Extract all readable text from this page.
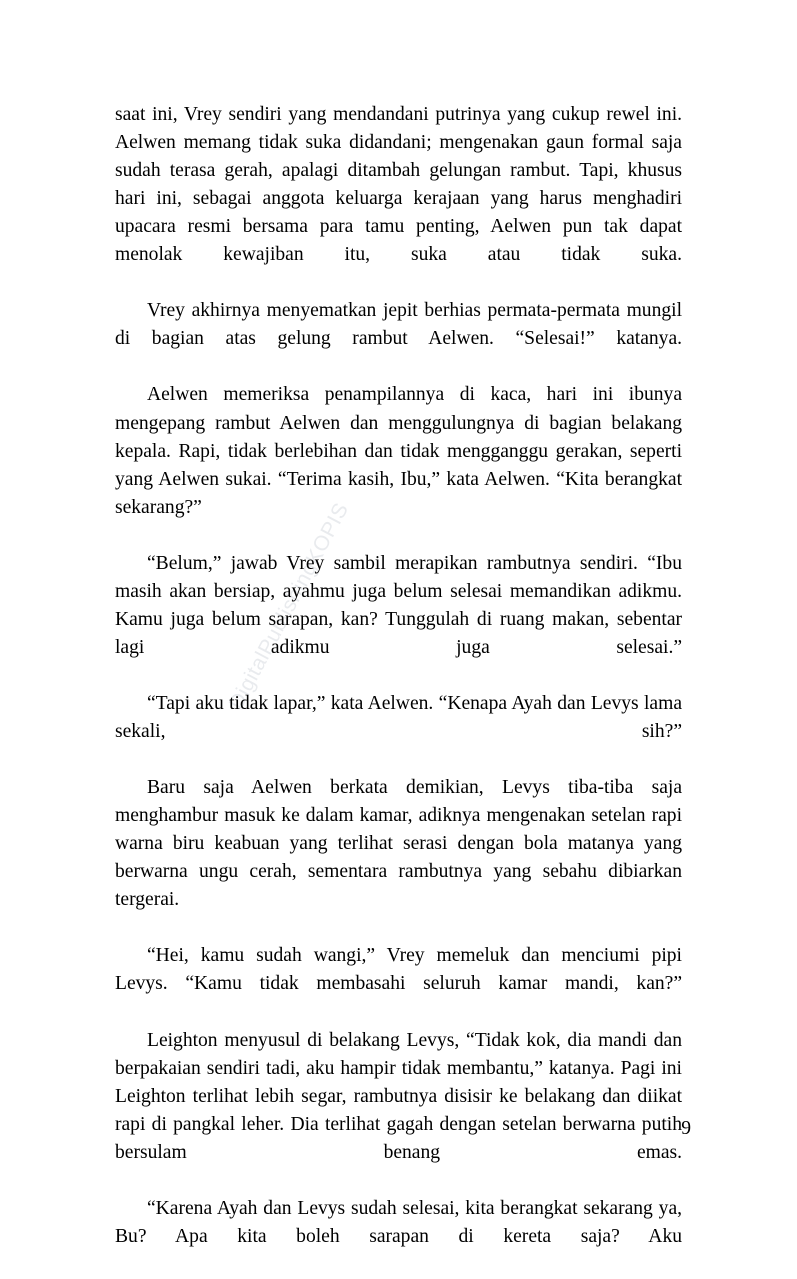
DigitalPublishingKOPIS

saat ini, Vrey sendiri yang mendandani putrinya yang cukup rewel ini. Aelwen memang tidak suka didandani; mengenakan gaun formal saja sudah terasa gerah, apalagi ditambah gelungan rambut. Tapi, khusus hari ini, sebagai anggota keluarga kerajaan yang harus menghadiri upacara resmi bersama para tamu penting, Aelwen pun tak dapat menolak kewajiban itu, suka atau tidak suka.

Vrey akhirnya menyematkan jepit berhias permata-permata mungil di bagian atas gelung rambut Aelwen. “Selesai!” katanya.

Aelwen memeriksa penampilannya di kaca, hari ini ibunya mengepang rambut Aelwen dan menggulungnya di bagian belakang kepala. Rapi, tidak berlebihan dan tidak mengganggu gerakan, seperti yang Aelwen sukai. “Terima kasih, Ibu,” kata Aelwen. “Kita berangkat sekarang?”

“Belum,” jawab Vrey sambil merapikan rambutnya sendiri. “Ibu masih akan bersiap, ayahmu juga belum selesai memandikan adikmu. Kamu juga belum sarapan, kan? Tunggulah di ruang makan, sebentar lagi adikmu juga selesai.”

“Tapi aku tidak lapar,” kata Aelwen. “Kenapa Ayah dan Levys lama sekali, sih?”

Baru saja Aelwen berkata demikian, Levys tiba-tiba saja menghambur masuk ke dalam kamar, adiknya mengenakan setelan rapi warna biru keabuan yang terlihat serasi dengan bola matanya yang berwarna ungu cerah, sementara rambutnya yang sebahu dibiarkan tergerai.

“Hei, kamu sudah wangi,” Vrey memeluk dan menciumi pipi Levys. “Kamu tidak membasahi seluruh kamar mandi, kan?”

Leighton menyusul di belakang Levys, “Tidak kok, dia mandi dan berpakaian sendiri tadi, aku hampir tidak membantu,” katanya. Pagi ini Leighton terlihat lebih segar, rambutnya disisir ke belakang dan diikat rapi di pangkal leher. Dia terlihat gagah dengan setelan berwarna putih bersulam benang emas.

“Karena Ayah dan Levys sudah selesai, kita berangkat sekarang ya, Bu? Apa kita boleh sarapan di kereta saja? Aku

9
